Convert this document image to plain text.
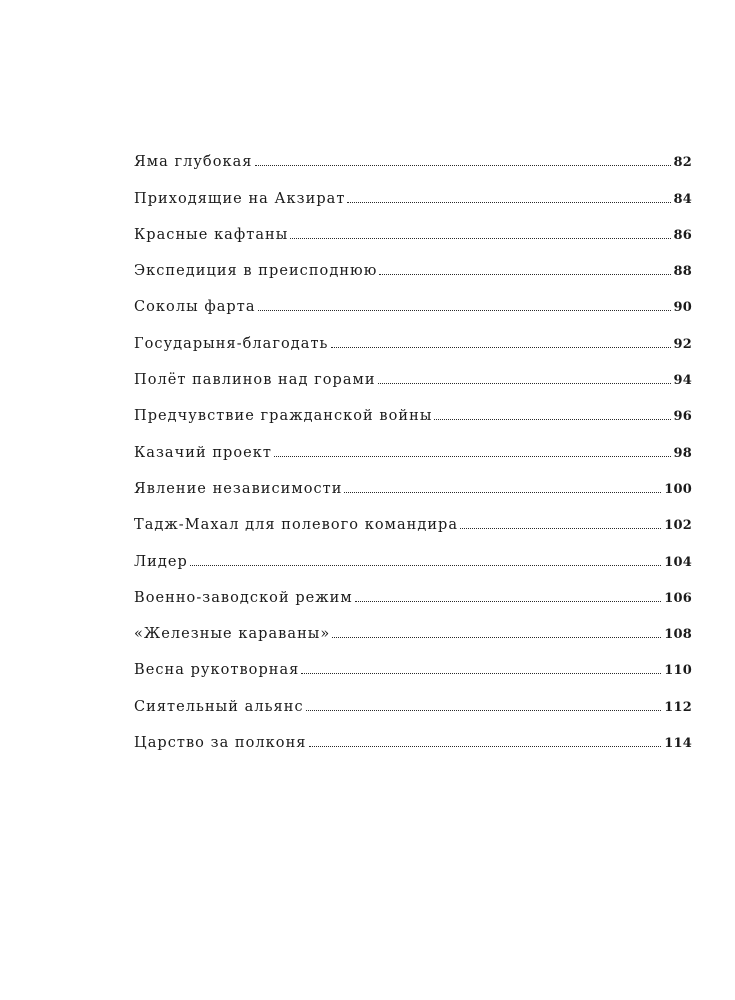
Яма глубокая	82
Приходящие на Акзират	84
Красные кафтаны	86
Экспедиция в преисподнюю	88
Соколы фарта	90
Государыня-благодать	92
Полёт павлинов над горами	94
Предчувствие гражданской войны	96
Казачий проект	98
Явление независимости	100
Тадж-Махал для полевого командира	102
Лидер	104
Военно-заводской режим	106
«Железные караваны»	108
Весна рукотворная	110
Сиятельный альянс	112
Царство за полконя	114
